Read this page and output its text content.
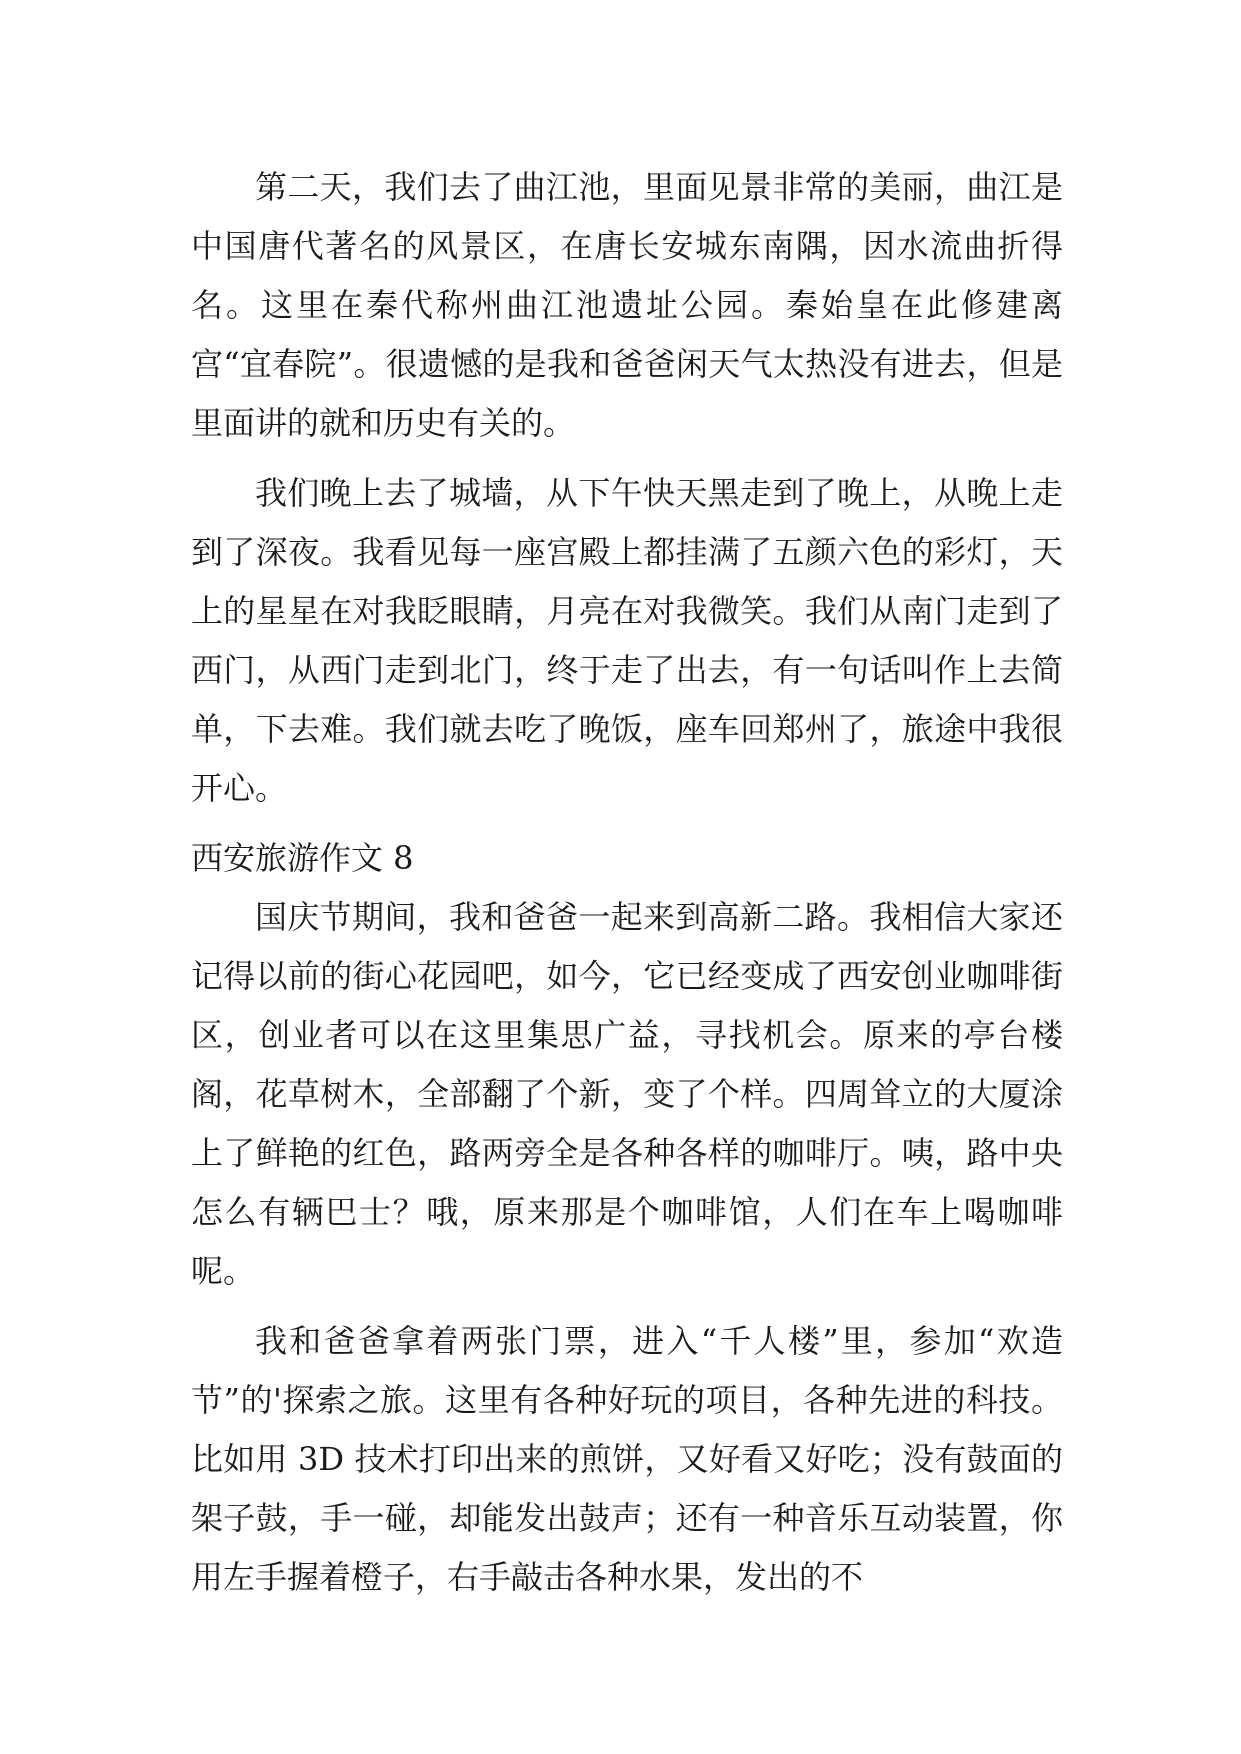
第二天，我们去了曲江池，里面见景非常的美丽，曲江是中国唐代著名的风景区，在唐长安城东南隅，因水流曲折得名。这里在秦代称州曲江池遗址公园。秦始皇在此修建离宫“宜春院”。很遗憾的是我和爸爸闲天气太热没有进去，但是里面讲的就和历史有关的。

我们晚上去了城墙，从下午快天黑走到了晚上，从晚上走到了深夜。我看见每一座宫殿上都挂满了五颜六色的彩灯，天上的星星在对我眨眼睛，月亮在对我微笑。我们从南门走到了西门，从西门走到北门，终于走了出去，有一句话叫作上去简单，下去难。我们就去吃了晚饭，座车回郑州了，旅途中我很开心。

西安旅游作文 8

国庆节期间，我和爸爸一起来到高新二路。我相信大家还记得以前的街心花园吧，如今，它已经变成了西安创业咖啡街区，创业者可以在这里集思广益，寻找机会。原来的亭台楼阁，花草树木，全部翻了个新，变了个样。四周耸立的大厦涂上了鲜艳的红色，路两旁全是各种各样的咖啡厅。咦，路中央怎么有辆巴士？哦，原来那是个咖啡馆，人们在车上喝咖啡呢。

我和爸爸拿着两张门票，进入“千人楼”里，参加“欢造节”的'探索之旅。这里有各种好玩的项目，各种先进的科技。比如用 3D 技术打印出来的煎饼，又好看又好吃；没有鼓面的架子鼓，手一碰，却能发出鼓声；还有一种音乐互动装置，你用左手握着橙子，右手敲击各种水果，发出的不
